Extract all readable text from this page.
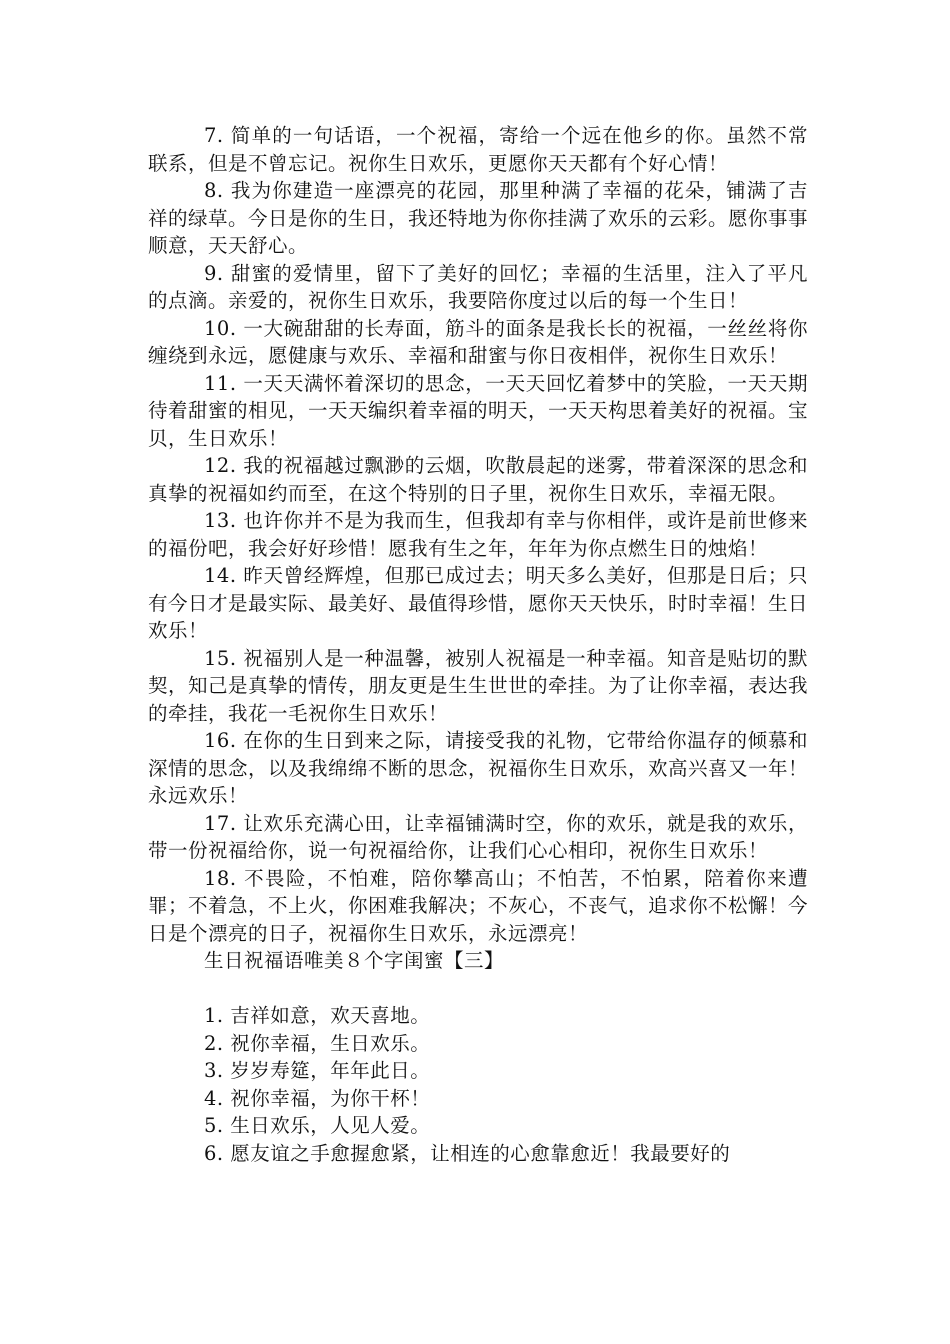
7. 简单的一句话语，一个祝福，寄给一个远在他乡的你。虽然不常联系，但是不曾忘记。祝你生日欢乐，更愿你天天都有个好心情！

8. 我为你建造一座漂亮的花园，那里种满了幸福的花朵，铺满了吉祥的绿草。今日是你的生日，我还特地为你你挂满了欢乐的云彩。愿你事事顺意，天天舒心。

9. 甜蜜的爱情里，留下了美好的回忆；幸福的生活里，注入了平凡的点滴。亲爱的，祝你生日欢乐，我要陪你度过以后的每一个生日！

10. 一大碗甜甜的长寿面，筋斗的面条是我长长的祝福，一丝丝将你缠绕到永远，愿健康与欢乐、幸福和甜蜜与你日夜相伴，祝你生日欢乐！

11. 一天天满怀着深切的思念，一天天回忆着梦中的笑脸，一天天期待着甜蜜的相见，一天天编织着幸福的明天，一天天构思着美好的祝福。宝贝，生日欢乐！

12. 我的祝福越过飘渺的云烟，吹散晨起的迷雾，带着深深的思念和真挚的祝福如约而至，在这个特别的日子里，祝你生日欢乐，幸福无限。

13. 也许你并不是为我而生，但我却有幸与你相伴，或许是前世修来的福份吧，我会好好珍惜！愿我有生之年，年年为你点燃生日的烛焰！

14. 昨天曾经辉煌，但那已成过去；明天多么美好，但那是日后；只有今日才是最实际、最美好、最值得珍惜，愿你天天快乐，时时幸福！生日欢乐！

15. 祝福别人是一种温馨，被别人祝福是一种幸福。知音是贴切的默契，知己是真挚的情传，朋友更是生生世世的牵挂。为了让你幸福，表达我的牵挂，我花一毛祝你生日欢乐！

16. 在你的生日到来之际，请接受我的礼物，它带给你温存的倾慕和深情的思念，以及我绵绵不断的思念，祝福你生日欢乐，欢高兴喜又一年！永远欢乐！

17. 让欢乐充满心田，让幸福铺满时空，你的欢乐，就是我的欢乐，带一份祝福给你，说一句祝福给你，让我们心心相印，祝你生日欢乐！

18. 不畏险，不怕难，陪你攀高山；不怕苦，不怕累，陪着你来遭罪；不着急，不上火，你困难我解决；不灰心，不丧气，追求你不松懈！今日是个漂亮的日子，祝福你生日欢乐，永远漂亮！

生日祝福语唯美８个字闺蜜【三】

1. 吉祥如意，欢天喜地。

2. 祝你幸福，生日欢乐。

3. 岁岁寿筵，年年此日。

4. 祝你幸福，为你干杯！

5. 生日欢乐，人见人爱。

6. 愿友谊之手愈握愈紧，让相连的心愈靠愈近！我最要好的
